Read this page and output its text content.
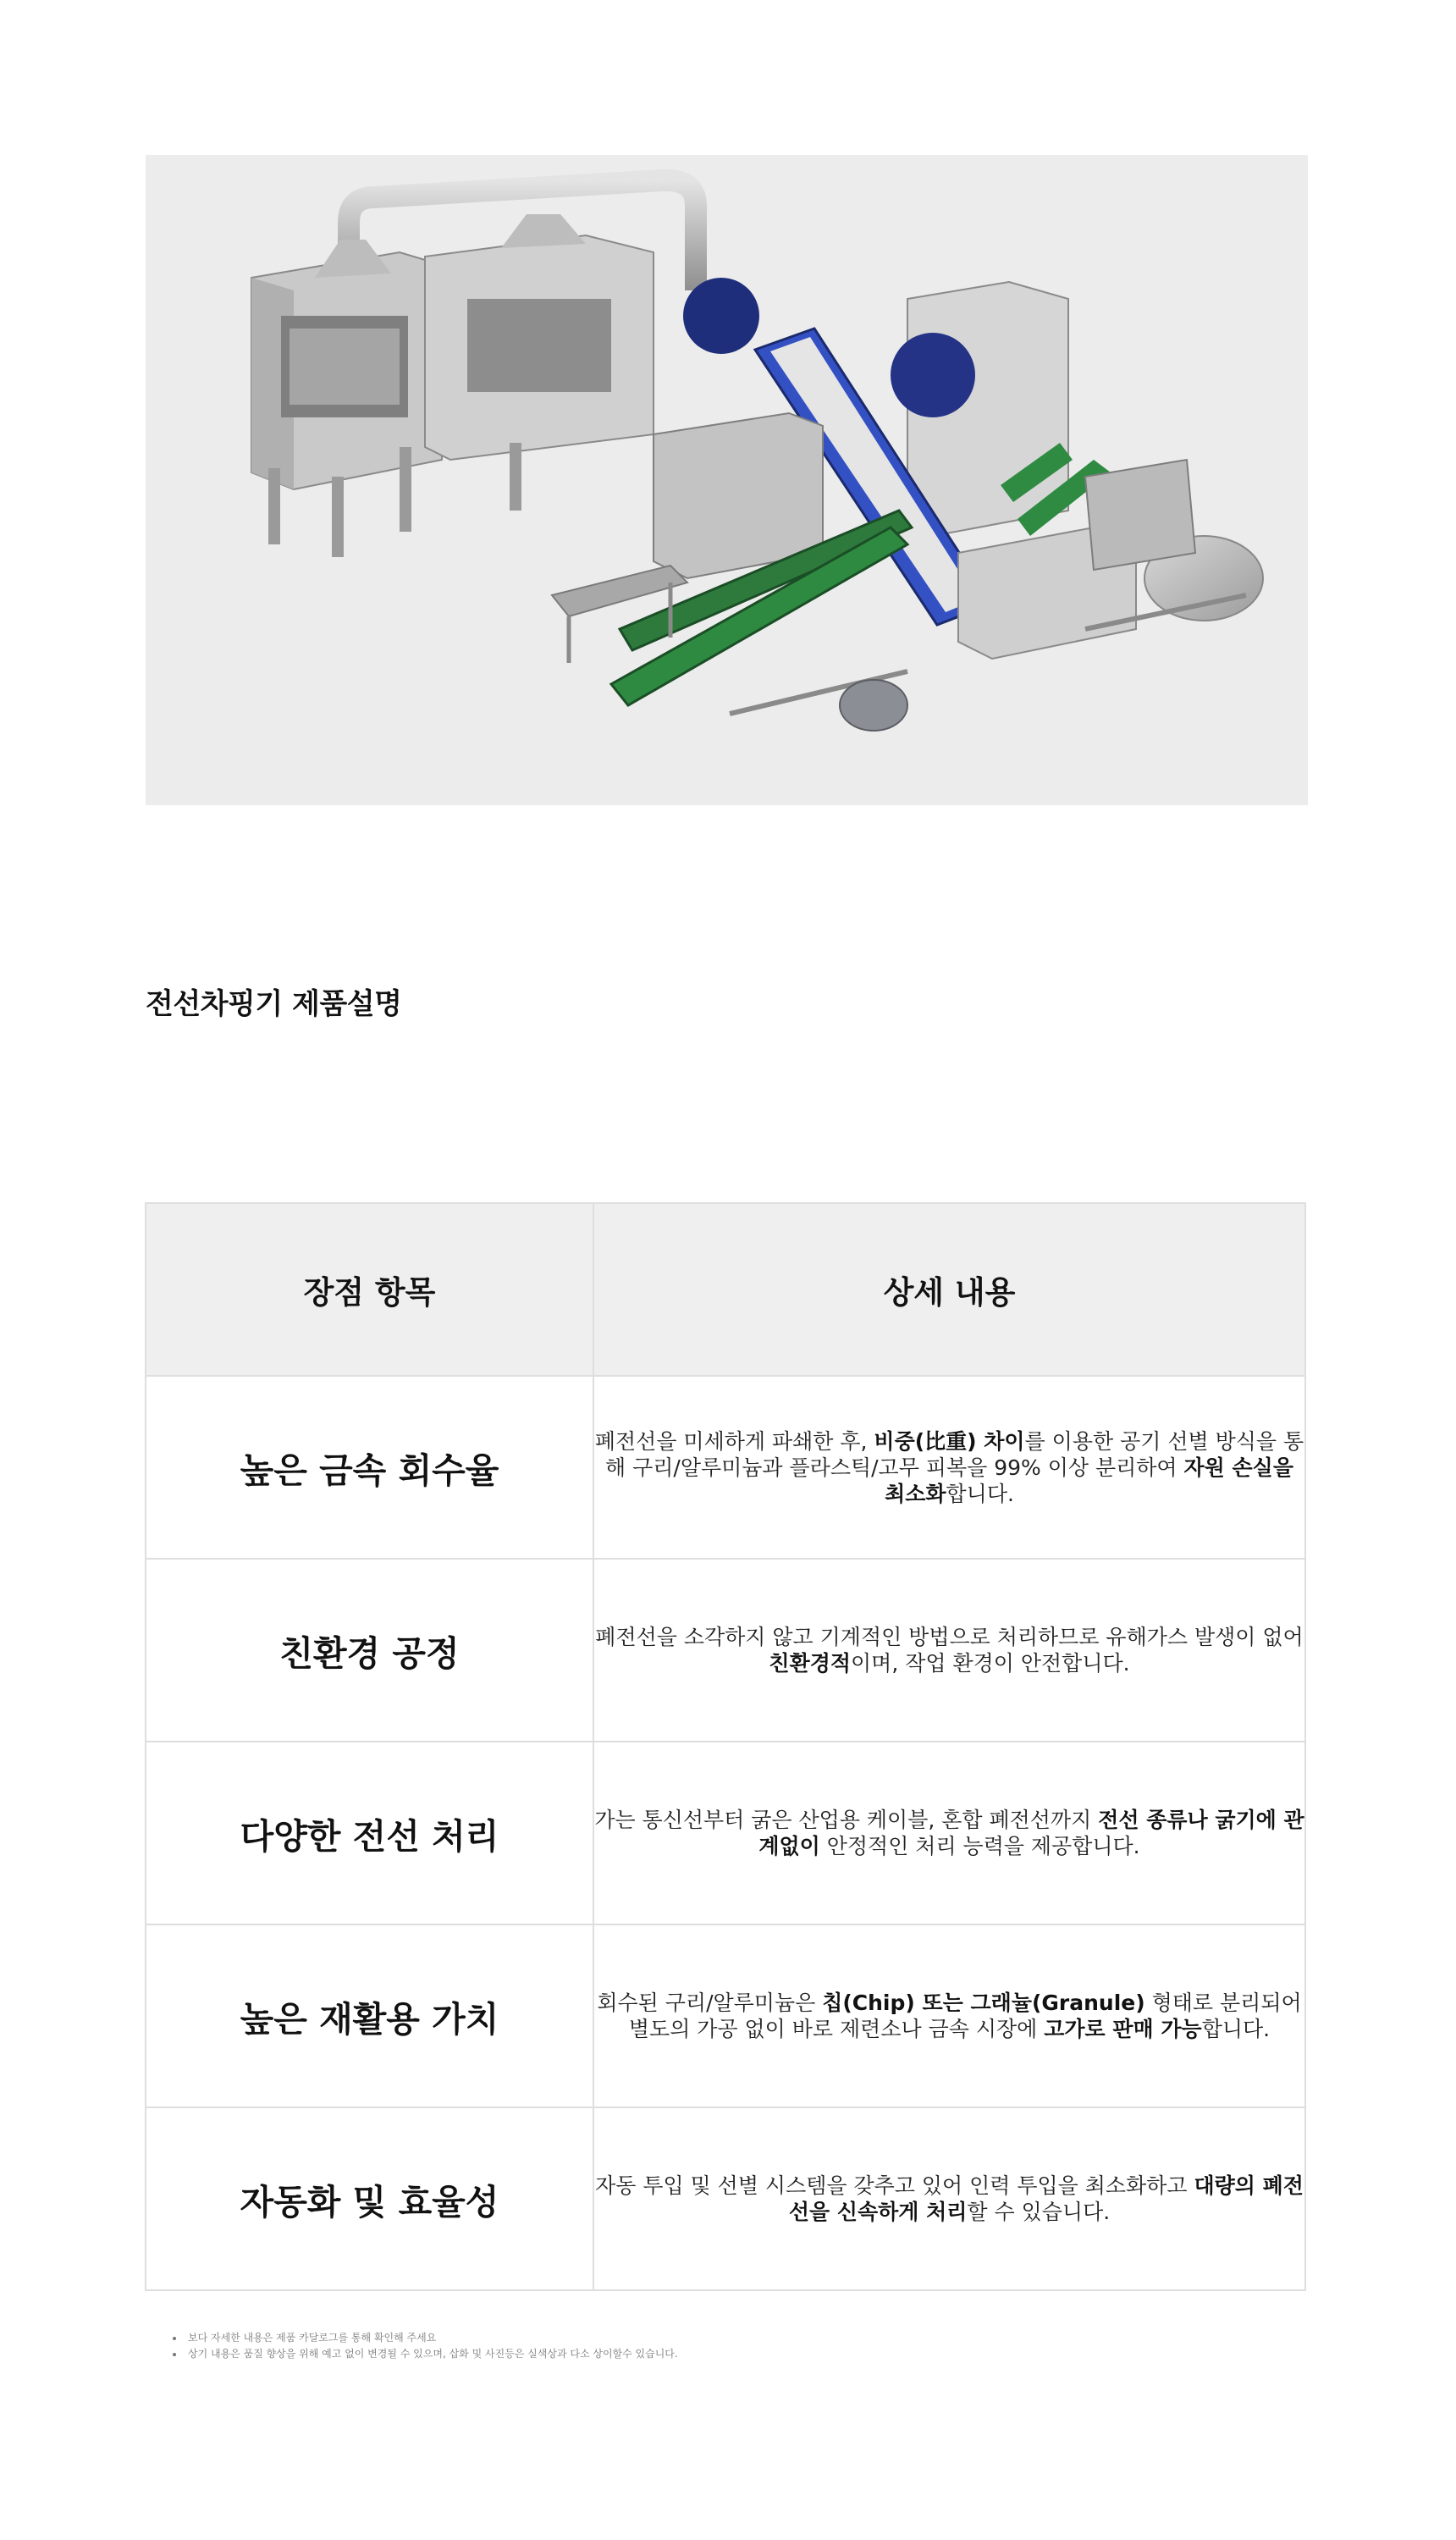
전선차핑기 제품설명
장점 항목	상세 내용
높은 금속 회수율	폐전선을 미세하게 파쇄한 후, 비중(比重) 차이를 이용한 공기 선별 방식을 통해 구리/알루미늄과 플라스틱/고무 피복을 99% 이상 분리하여 자원 손실을 최소화합니다.
친환경 공정	폐전선을 소각하지 않고 기계적인 방법으로 처리하므로 유해가스 발생이 없어 친환경적이며, 작업 환경이 안전합니다.
다양한 전선 처리	가는 통신선부터 굵은 산업용 케이블, 혼합 폐전선까지 전선 종류나 굵기에 관계없이 안정적인 처리 능력을 제공합니다.
높은 재활용 가치	회수된 구리/알루미늄은 칩(Chip) 또는 그래뉼(Granule) 형태로 분리되어 별도의 가공 없이 바로 제련소나 금속 시장에 고가로 판매 가능합니다.
자동화 및 효율성	자동 투입 및 선별 시스템을 갖추고 있어 인력 투입을 최소화하고 대량의 폐전선을 신속하게 처리할 수 있습니다.
• 보다 자세한 내용은 제품 카달로그를 통해 확인해 주세요
• 상기 내용은 품질 향상을 위해 예고 없이 변경될 수 있으며, 삽화 및 사진등은 실색상과 다소 상이할수 있습니다.
